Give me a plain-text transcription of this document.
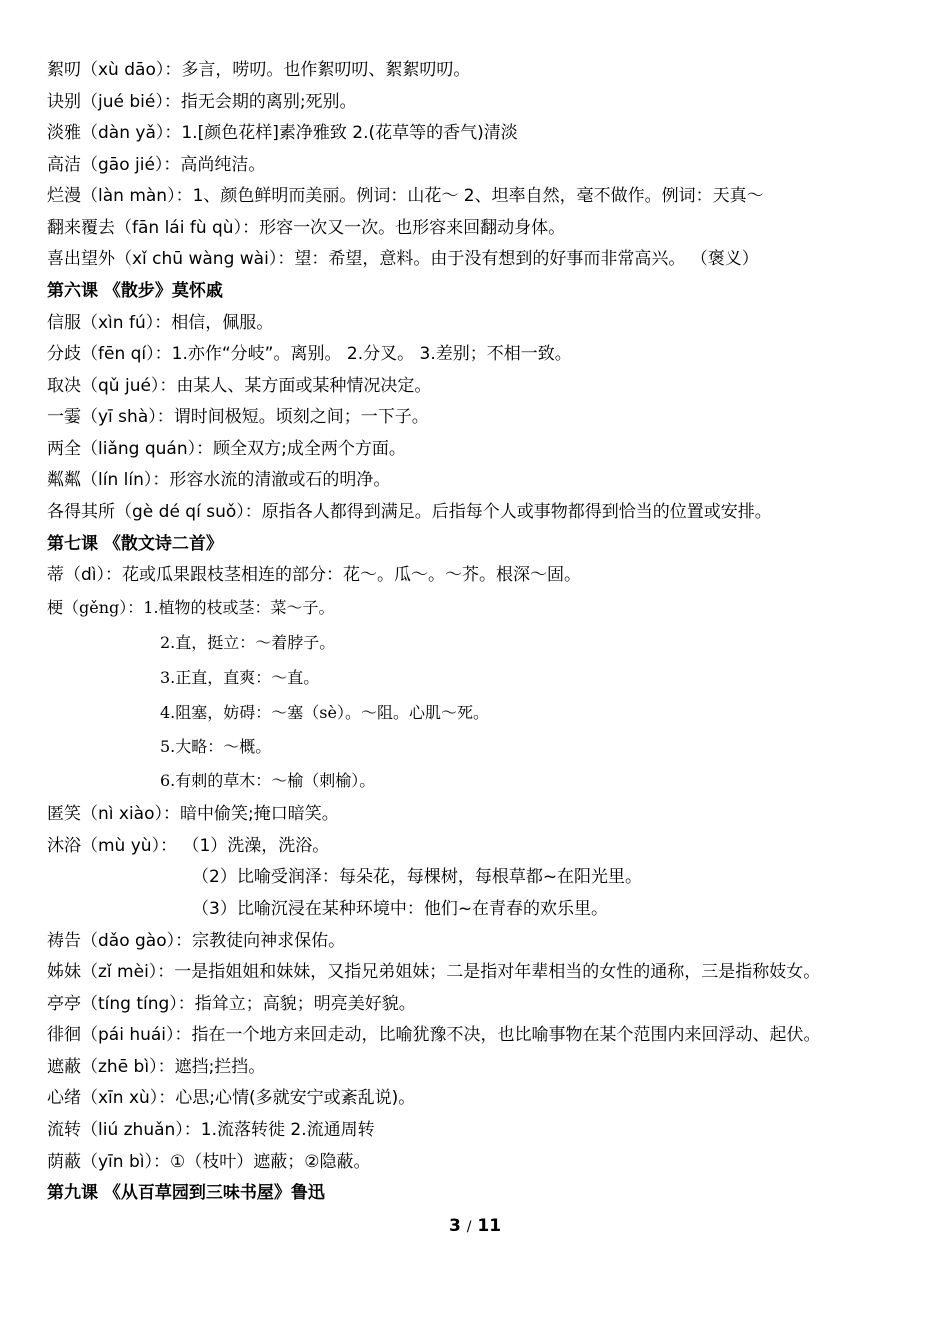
絮叨（xù dāo）：多言，唠叨。也作絮叨叨、絮絮叨叨。
诀别（jué bié）：指无会期的离别;死别。
淡雅（dàn yǎ）：1.[颜色花样]素净雅致 2.(花草等的香气)清淡
高洁（gāo jié）：高尚纯洁。
烂漫（làn màn）：1、颜色鲜明而美丽。例词：山花～ 2、坦率自然，毫不做作。例词：天真～
翻来覆去（fān lái fù qù）：形容一次又一次。也形容来回翻动身体。
喜出望外（xǐ chū wàng wài）：望：希望，意料。由于没有想到的好事而非常高兴。 （褒义）
第六课 《散步》莫怀戚
信服（xìn fú）：相信，佩服。
分歧（fēn qí）：1.亦作“分岐”。离别。 2.分叉。 3.差别；不相一致。
取决（qǔ jué）：由某人、某方面或某种情况决定。
一霎（yī shà）：谓时间极短。顷刻之间；一下子。
两全（liǎng quán）：顾全双方;成全两个方面。
粼粼（lín lín）：形容水流的清澈或石的明净。
各得其所（gè dé qí suǒ）：原指各人都得到满足。后指每个人或事物都得到恰当的位置或安排。
第七课 《散文诗二首》
蒂（dì）：花或瓜果跟枝茎相连的部分：花～。瓜～。～芥。根深～固。
梗（gěng）：1.植物的枝或茎：菜～子。
2.直，挺立：～着脖子。
3.正直，直爽：～直。
4.阻塞，妨碍：～塞（sè）。～阻。心肌～死。
5.大略：～概。
6.有刺的草木：～榆（刺榆）。
匿笑（nì xiào）：暗中偷笑;掩口暗笑。
沐浴（mù yù）： （1）洗澡，洗浴。
（2）比喻受润泽：每朵花，每棵树，每根草都~在阳光里。
（3）比喻沉浸在某种环境中：他们~在青春的欢乐里。
祷告（dǎo gào）：宗教徒向神求保佑。
姊妹（zǐ mèi）：一是指姐姐和妹妹，又指兄弟姐妹；二是指对年辈相当的女性的通称，三是指称妓女。
亭亭（tíng tíng）：指耸立；高貌；明亮美好貌。
徘徊（pái huái）：指在一个地方来回走动，比喻犹豫不决，也比喻事物在某个范围内来回浮动、起伏。
遮蔽（zhē bì）：遮挡;拦挡。
心绪（xīn xù）：心思;心情(多就安宁或紊乱说)。
流转（liú zhuǎn）：1.流落转徙 2.流通周转
荫蔽（yīn bì）：①（枝叶）遮蔽；②隐蔽。
第九课 《从百草园到三味书屋》鲁迅
3 / 11
